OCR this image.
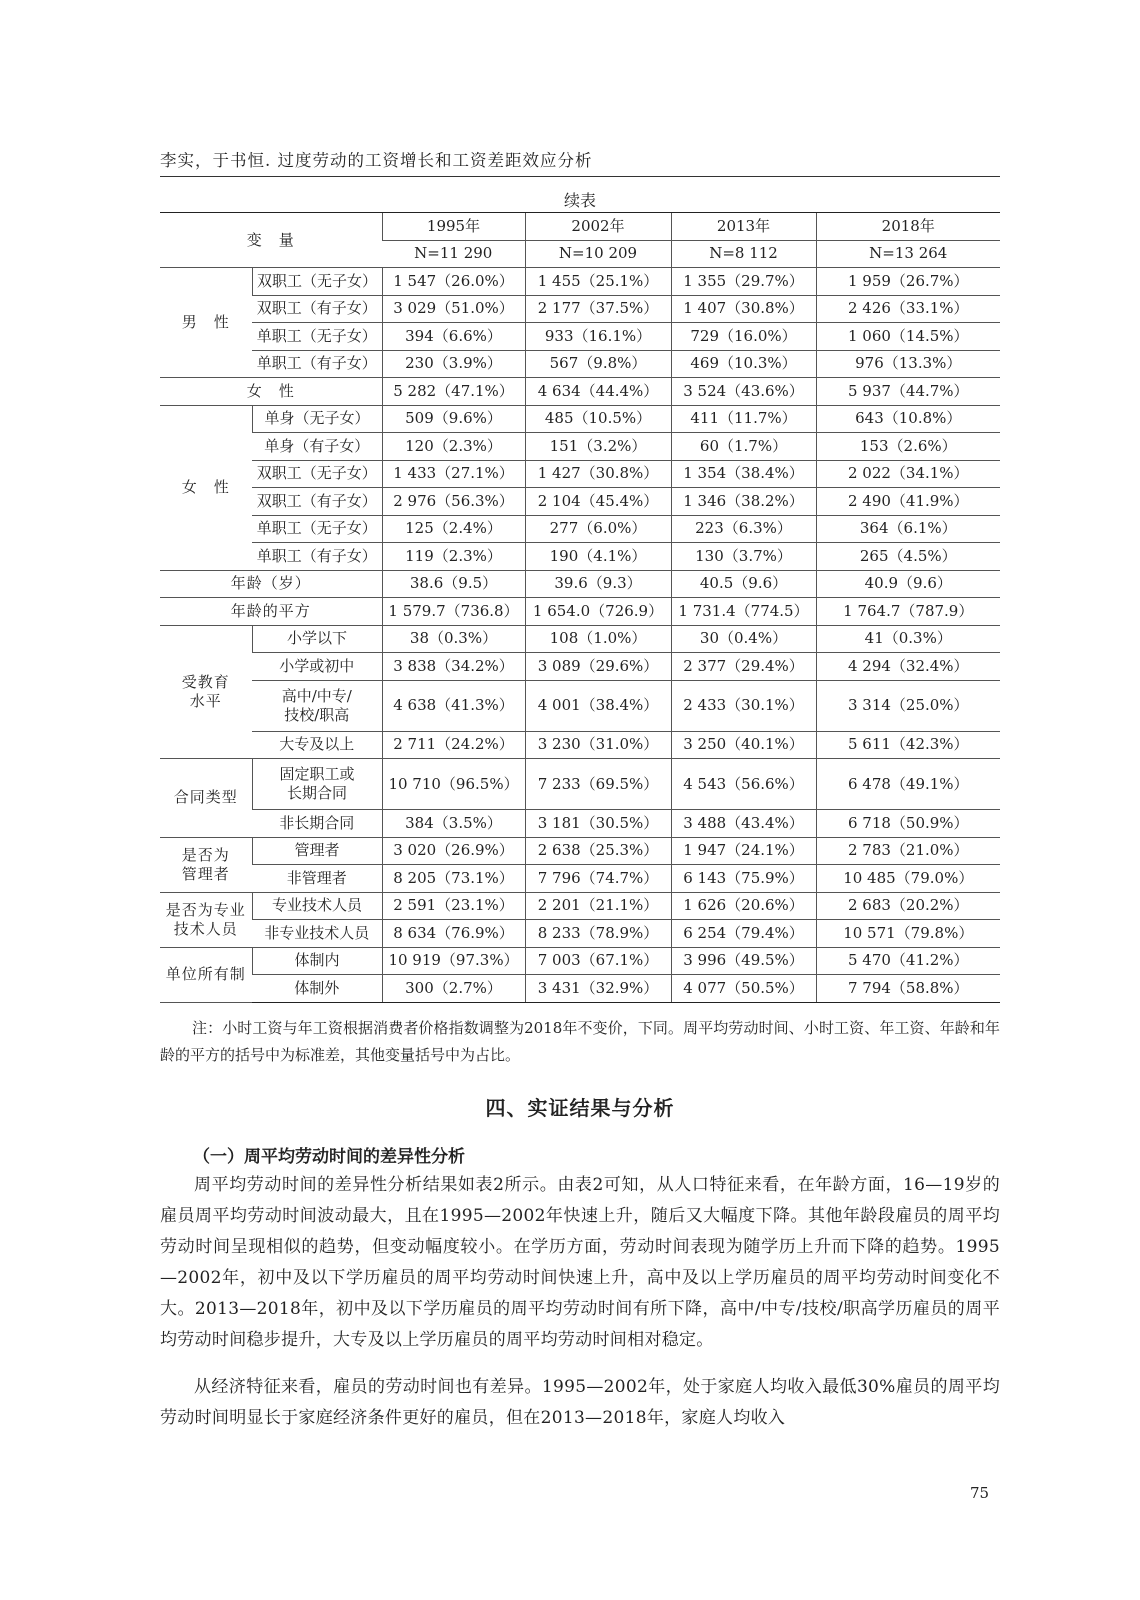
李实，于书恒. 过度劳动的工资增长和工资差距效应分析
续表
变　量		1995年	2002年	2013年	2018年
		N=11 290	N=10 209	N=8 112	N=13 264
男　性	双职工（无子女）	1 547（26.0%）	1 455（25.1%）	1 355（29.7%）	1 959（26.7%）
	双职工（有子女）	3 029（51.0%）	2 177（37.5%）	1 407（30.8%）	2 426（33.1%）
	单职工（无子女）	394（6.6%）	933（16.1%）	729（16.0%）	1 060（14.5%）
	单职工（有子女）	230（3.9%）	567（9.8%）	469（10.3%）	976（13.3%）
女　性		5 282（47.1%）	4 634（44.4%）	3 524（43.6%）	5 937（44.7%）
女　性	单身（无子女）	509（9.6%）	485（10.5%）	411（11.7%）	643（10.8%）
	单身（有子女）	120（2.3%）	151（3.2%）	60（1.7%）	153（2.6%）
	双职工（无子女）	1 433（27.1%）	1 427（30.8%）	1 354（38.4%）	2 022（34.1%）
	双职工（有子女）	2 976（56.3%）	2 104（45.4%）	1 346（38.2%）	2 490（41.9%）
	单职工（无子女）	125（2.4%）	277（6.0%）	223（6.3%）	364（6.1%）
	单职工（有子女）	119（2.3%）	190（4.1%）	130（3.7%）	265（4.5%）
年龄（岁）		38.6（9.5）	39.6（9.3）	40.5（9.6）	40.9（9.6）
年龄的平方		1 579.7（736.8）	1 654.0（726.9）	1 731.4（774.5）	1 764.7（787.9）
受教育
水平	小学以下	38（0.3%）	108（1.0%）	30（0.4%）	41（0.3%）
	小学或初中	3 838（34.2%）	3 089（29.6%）	2 377（29.4%）	4 294（32.4%）
	高中/中专/
技校/职高	4 638（41.3%）	4 001（38.4%）	2 433（30.1%）	3 314（25.0%）
	大专及以上	2 711（24.2%）	3 230（31.0%）	3 250（40.1%）	5 611（42.3%）
合同类型	固定职工或
长期合同	10 710（96.5%）	7 233（69.5%）	4 543（56.6%）	6 478（49.1%）
	非长期合同	384（3.5%）	3 181（30.5%）	3 488（43.4%）	6 718（50.9%）
是否为
管理者	管理者	3 020（26.9%）	2 638（25.3%）	1 947（24.1%）	2 783（21.0%）
	非管理者	8 205（73.1%）	7 796（74.7%）	6 143（75.9%）	10 485（79.0%）
是否为专业
技术人员	专业技术人员	2 591（23.1%）	2 201（21.1%）	1 626（20.6%）	2 683（20.2%）
	非专业技术人员	8 634（76.9%）	8 233（78.9%）	6 254（79.4%）	10 571（79.8%）
单位所有制	体制内	10 919（97.3%）	7 003（67.1%）	3 996（49.5%）	5 470（41.2%）
	体制外	300（2.7%）	3 431（32.9%）	4 077（50.5%）	7 794（58.8%）
注：小时工资与年工资根据消费者价格指数调整为2018年不变价，下同。周平均劳动时间、小时工资、年工资、年龄和年龄的平方的括号中为标准差，其他变量括号中为占比。
四、实证结果与分析
（一）周平均劳动时间的差异性分析

周平均劳动时间的差异性分析结果如表2所示。由表2可知，从人口特征来看，在年龄方面，16—19岁的雇员周平均劳动时间波动最大，且在1995—2002年快速上升，随后又大幅度下降。其他年龄段雇员的周平均劳动时间呈现相似的趋势，但变动幅度较小。在学历方面，劳动时间表现为随学历上升而下降的趋势。1995—2002年，初中及以下学历雇员的周平均劳动时间快速上升，高中及以上学历雇员的周平均劳动时间变化不大。2013—2018年，初中及以下学历雇员的周平均劳动时间有所下降，高中/中专/技校/职高学历雇员的周平均劳动时间稳步提升，大专及以上学历雇员的周平均劳动时间相对稳定。

从经济特征来看，雇员的劳动时间也有差异。1995—2002年，处于家庭人均收入最低30%雇员的周平均劳动时间明显长于家庭经济条件更好的雇员，但在2013—2018年，家庭人均收入

75
